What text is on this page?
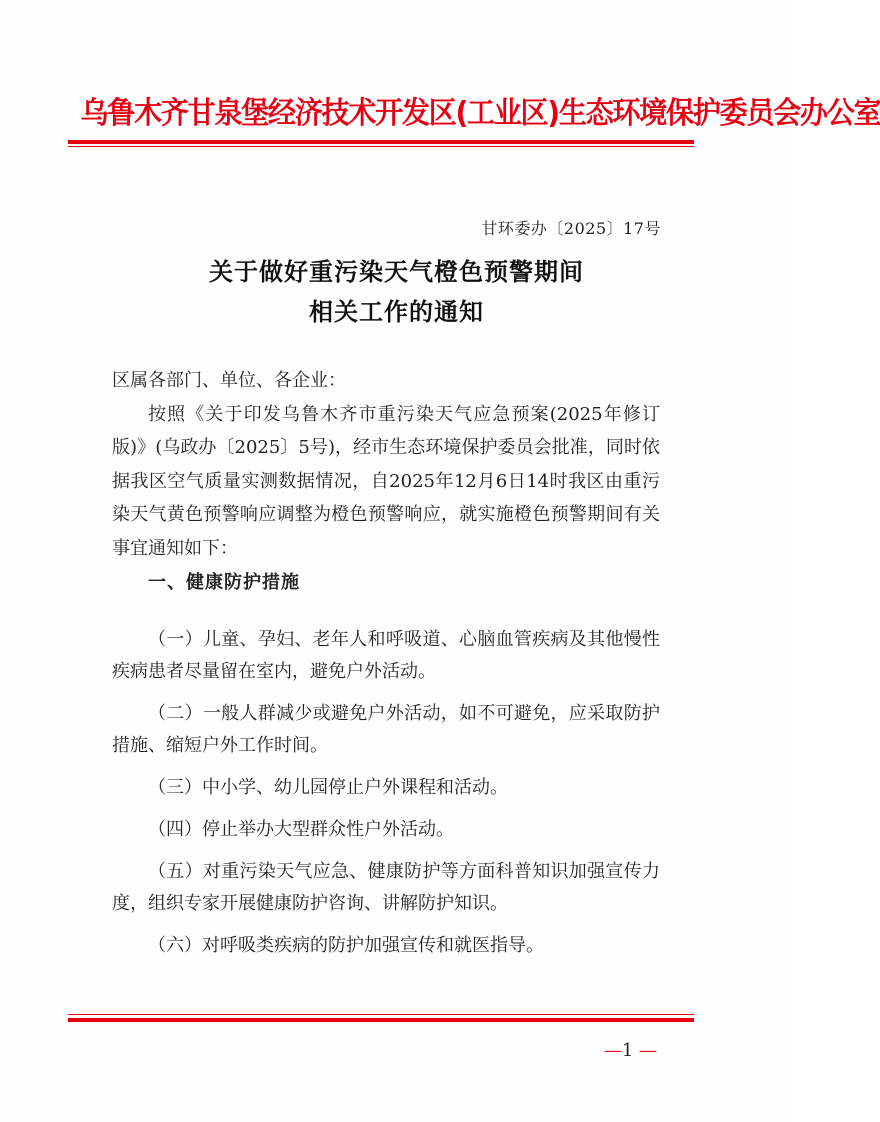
乌鲁木齐甘泉堡经济技术开发区(工业区)生态环境保护委员会办公室
甘环委办〔2025〕17号
关于做好重污染天气橙色预警期间
相关工作的通知

区属各部门、单位、各企业：

按照《关于印发乌鲁木齐市重污染天气应急预案(2025年修订版)》(乌政办〔2025〕5号)，经市生态环境保护委员会批准，同时依据我区空气质量实测数据情况，自2025年12月6日14时我区由重污染天气黄色预警响应调整为橙色预警响应，就实施橙色预警期间有关事宜通知如下：

一、健康防护措施

（一）儿童、孕妇、老年人和呼吸道、心脑血管疾病及其他慢性疾病患者尽量留在室内，避免户外活动。

（二）一般人群减少或避免户外活动，如不可避免，应采取防护措施、缩短户外工作时间。

（三）中小学、幼儿园停止户外课程和活动。

（四）停止举办大型群众性户外活动。

（五）对重污染天气应急、健康防护等方面科普知识加强宣传力度，组织专家开展健康防护咨询、讲解防护知识。

（六）对呼吸类疾病的防护加强宣传和就医指导。

—1 —
